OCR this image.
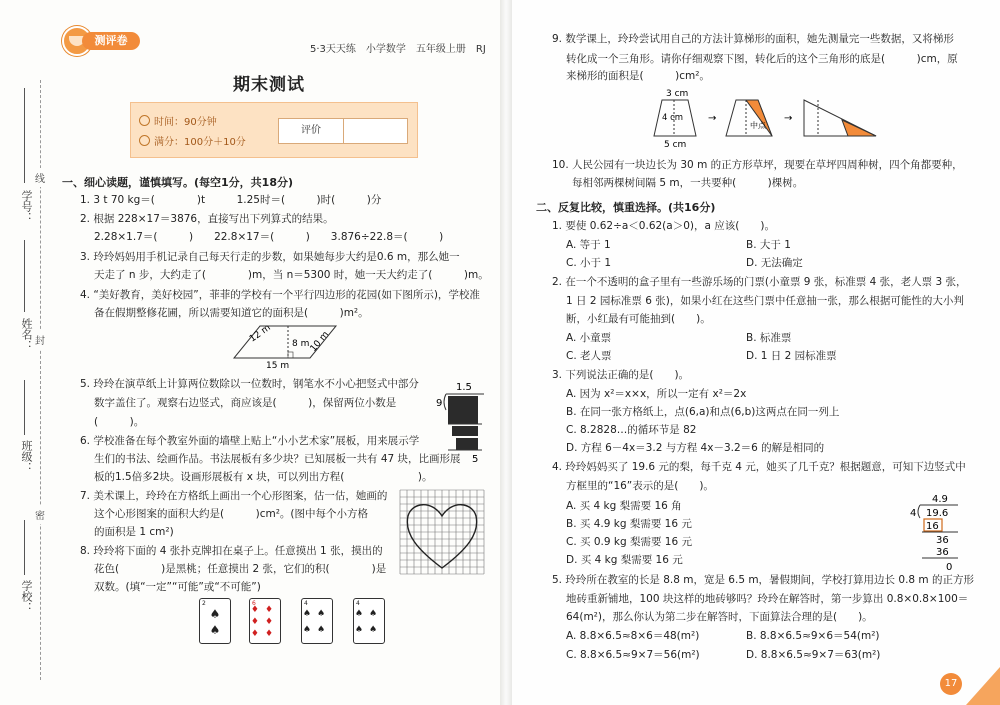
学号：
线
姓名： 封
班级：
密
学校：
测评卷
5·3天天练　小学数学　五年级上册　RJ
期末测试
时间：90分钟
满分：100分＋10分
评价
一、细心读题，谨慎填写。(每空1分，共18分)
1. 3 t 70 kg＝(　　　　)t　　　1.25时＝(　　　)时(　　　)分
2. 根据 228×17＝3876，直接写出下列算式的结果。
2.28×1.7＝(　　　)　　22.8×17＝(　　　)　　3.876÷22.8＝(　　　)
3. 玲玲妈妈用手机记录自己每天行走的步数，如果她每步大约是0.6 m，那么她一
天走了 n 步，大约走了(　　　　)m，当 n＝5300 时，她一天大约走了(　　　)m。
4. “美好教育，美好校园”，菲菲的学校有一个平行四边形的花园(如下图所示)，学校准
备在假期整修花圃，所以需要知道它的面积是(　　　)m²。
12 m 8 m 10 m
15 m
5. 玲玲在演草纸上计算两位数除以一位数时，钢笔水不小心把竖式中部分
数字盖住了。观察右边竖式，商应该是(　　　)，保留两位小数是
(　　　)。
1.5
9
5
6. 学校准备在每个教室外面的墙壁上贴上“小小艺术家”展板，用来展示学
生们的书法、绘画作品。书法展板有多少块？已知展板一共有 47 块，比画形展
板的1.5倍多2块。设画形展板有 x 块，可以列出方程(　　　　　　　)。
7. 美术课上，玲玲在方格纸上画出一个心形图案，估一估，她画的
这个心形图案的面积大约是(　　　)cm²。(图中每个小方格
的面积是 1 cm²)
8. 玲玲将下面的 4 张扑克牌扣在桌子上。任意摸出 1 张，摸出的
花色(　　　　)是黑桃；任意摸出 2 张，它们的积(　　　　)是
双数。(填“一定”“可能”或“不可能”)
2
♠
♠
6
♦♦
♦♦
♦♦
4
♠♠
♠♠
4
♠♠
♠♠
9. 数学课上，玲玲尝试用自己的方法计算梯形的面积，她先测量完一些数据，又将梯形
转化成一个三角形。请你仔细观察下图，转化后的这个三角形的底是(　　　)cm，原
来梯形的面积是(　　　)cm²。
3 cm
4 cm
5 cm
→
中点
→
10. 人民公园有一块边长为 30 m 的正方形草坪，现要在草坪四周种树，四个角都要种，
每相邻两棵树间隔 5 m，一共要种(　　　)棵树。
二、反复比较，慎重选择。(共16分)
1. 要使 0.62÷a＜0.62(a＞0)，a 应该(　　)。
A. 等于 1	B. 大于 1
C. 小于 1	D. 无法确定
2. 在一个不透明的盒子里有一些游乐场的门票(小童票 9 张，标准票 4 张，老人票 3 张，
1 日 2 园标准票 6 张)，如果小红在这些门票中任意抽一张，那么根据可能性的大小判
断，小红最有可能抽到(　　)。
A. 小童票	B. 标准票
C. 老人票	D. 1 日 2 园标准票
3. 下列说法正确的是(　　)。
A. 因为 x²＝x×x，所以一定有 x²＝2x
B. 在同一张方格纸上，点(6,a)和点(6,b)这两点在同一列上
C. 8.2828…的循环节是 82
D. 方程 6－4x＝3.2 与方程 4x－3.2＝6 的解是相同的
4. 玲玲妈妈买了 19.6 元的梨，每千克 4 元，她买了几千克？根据题意，可知下边竖式中
方框里的“16”表示的是(　　)。
A. 买 4 kg 梨需要 16 角
B. 买 4.9 kg 梨需要 16 元
C. 买 0.9 kg 梨需要 16 元
D. 买 4 kg 梨需要 16 元
4.9
4 19.6
16
36
36
0
5. 玲玲所在教室的长是 8.8 m，宽是 6.5 m，暑假期间，学校打算用边长 0.8 m 的正方形
地砖重新铺地，100 块这样的地砖够吗？玲玲在解答时，第一步算出 0.8×0.8×100＝
64(m²)，那么你认为第二步在解答时，下面算法合理的是(　　)。
A. 8.8×6.5≈8×6＝48(m²)	B. 8.8×6.5≈9×6＝54(m²)
C. 8.8×6.5≈9×7＝56(m²)	D. 8.8×6.5≈9×7＝63(m²)
17
